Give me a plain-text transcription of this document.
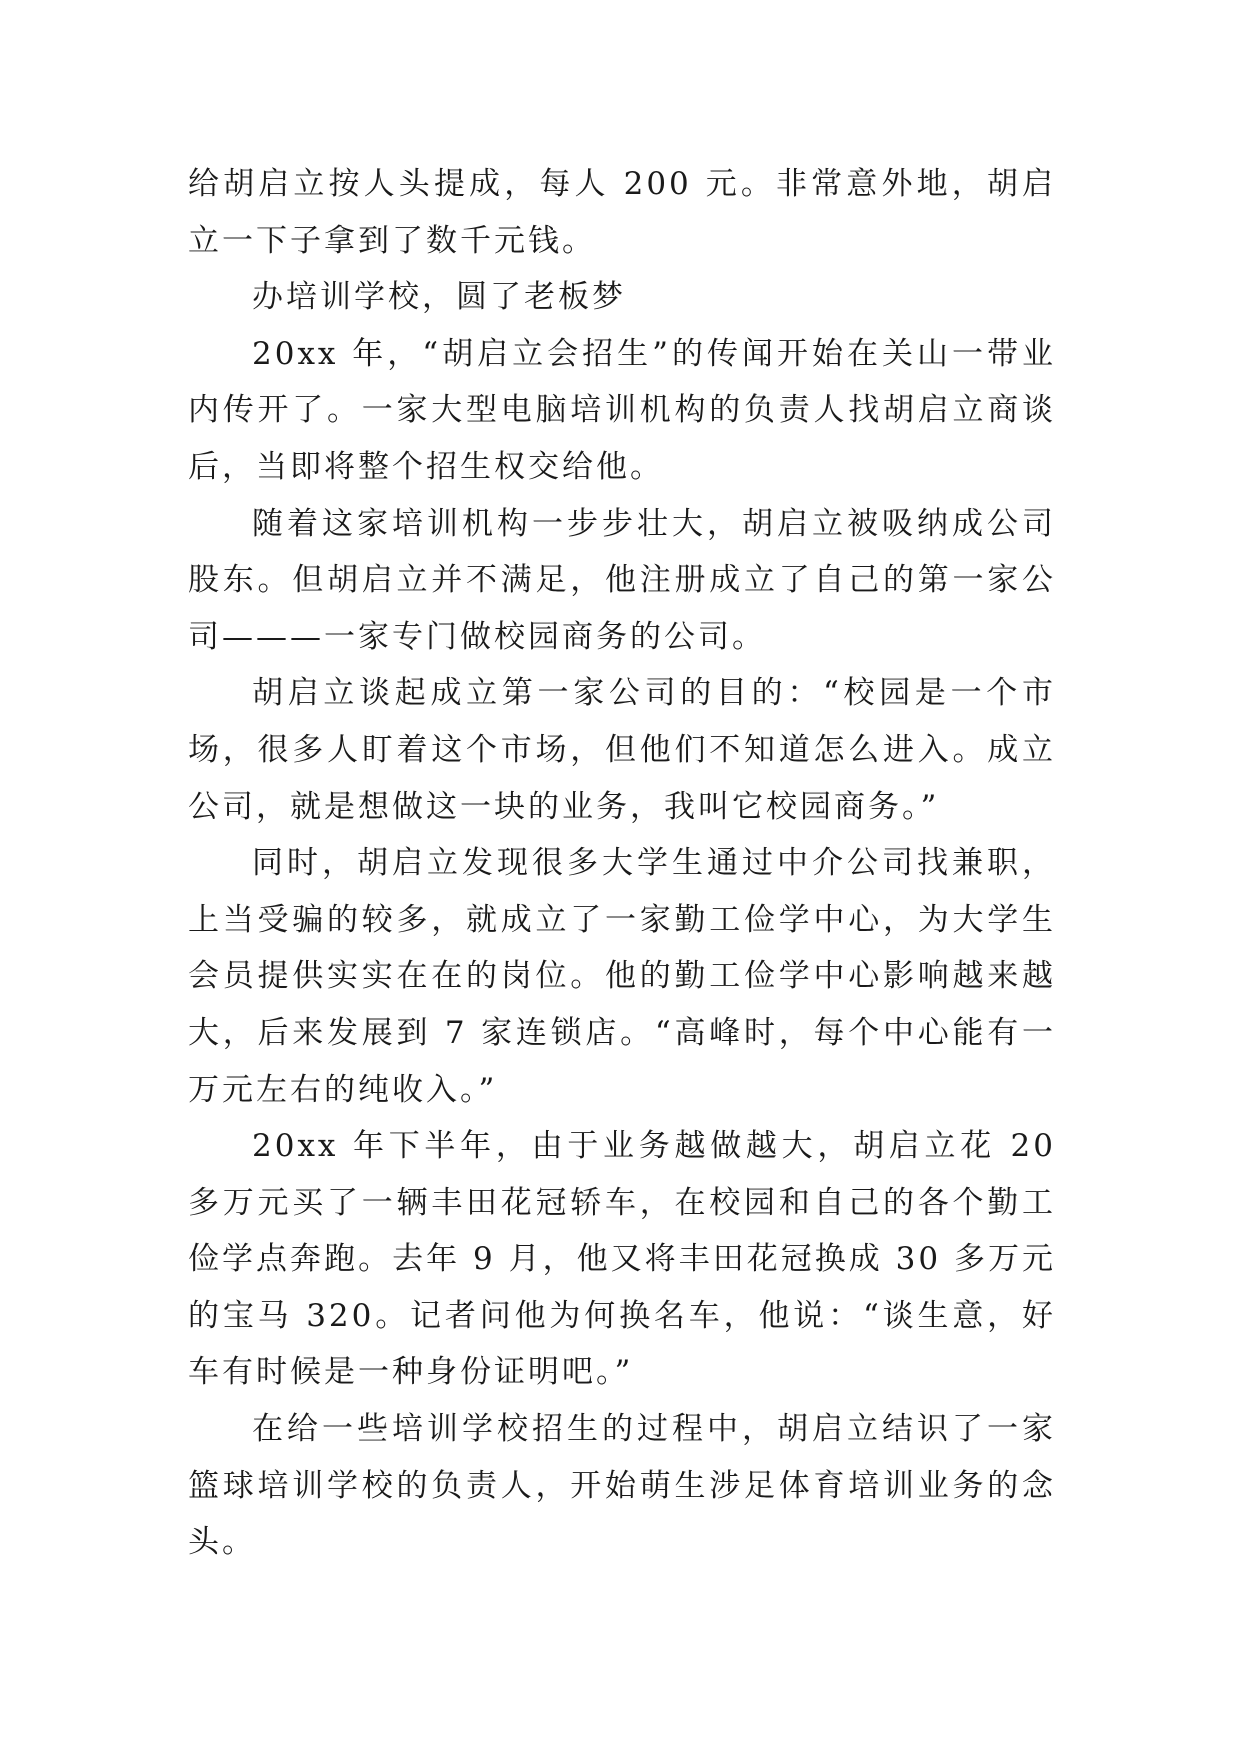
给胡启立按人头提成，每人 200 元。非常意外地，胡启立一下子拿到了数千元钱。

办培训学校，圆了老板梦

20xx 年，“胡启立会招生”的传闻开始在关山一带业内传开了。一家大型电脑培训机构的负责人找胡启立商谈后，当即将整个招生权交给他。

随着这家培训机构一步步壮大，胡启立被吸纳成公司股东。但胡启立并不满足，他注册成立了自己的第一家公司———一家专门做校园商务的公司。

胡启立谈起成立第一家公司的目的：“校园是一个市场，很多人盯着这个市场，但他们不知道怎么进入。成立公司，就是想做这一块的业务，我叫它校园商务。”

同时，胡启立发现很多大学生通过中介公司找兼职，上当受骗的较多，就成立了一家勤工俭学中心，为大学生会员提供实实在在的岗位。他的勤工俭学中心影响越来越大，后来发展到 7 家连锁店。“高峰时，每个中心能有一万元左右的纯收入。”

20xx 年下半年，由于业务越做越大，胡启立花 20 多万元买了一辆丰田花冠轿车，在校园和自己的各个勤工俭学点奔跑。去年 9 月，他又将丰田花冠换成 30 多万元的宝马 320。记者问他为何换名车，他说：“谈生意，好车有时候是一种身份证明吧。”

在给一些培训学校招生的过程中，胡启立结识了一家篮球培训学校的负责人，开始萌生涉足体育培训业务的念头。
